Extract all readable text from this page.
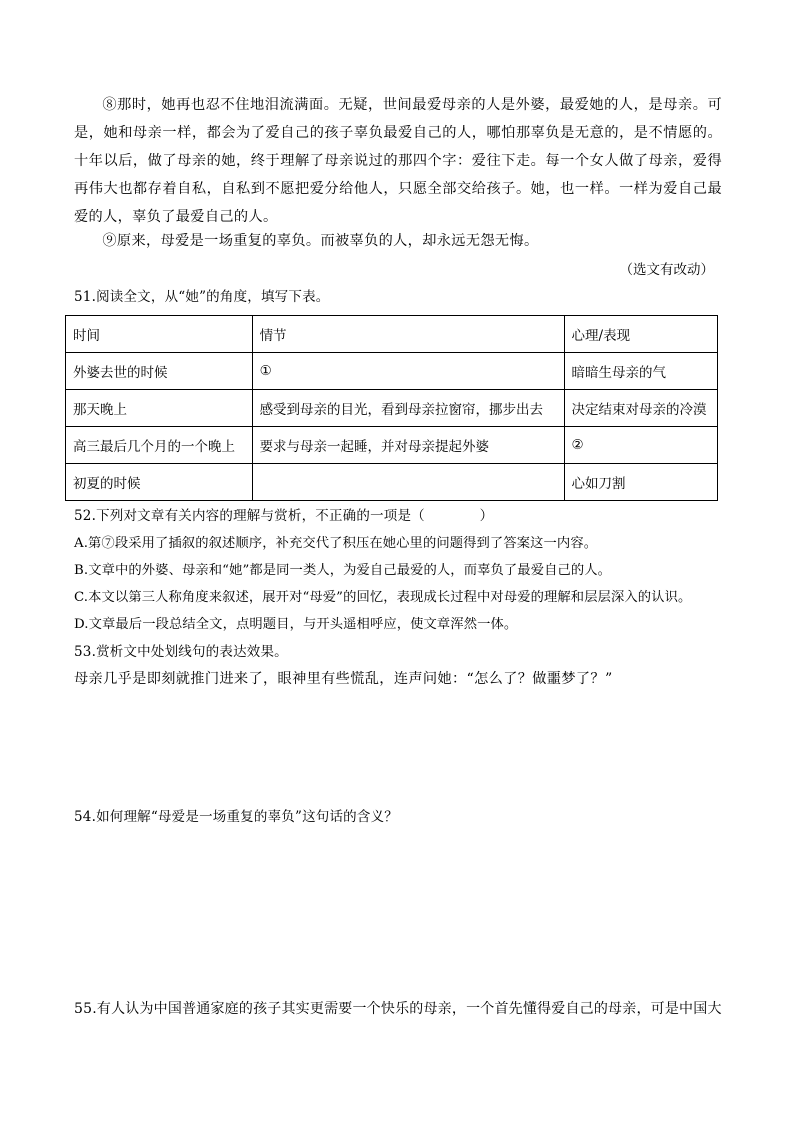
⑧那时，她再也忍不住地泪流满面。无疑，世间最爱母亲的人是外婆，最爱她的人，是母亲。可是，她和母亲一样，都会为了爱自己的孩子辜负最爱自己的人，哪怕那辜负是无意的，是不情愿的。十年以后，做了母亲的她，终于理解了母亲说过的那四个字：爱往下走。每一个女人做了母亲，爱得再伟大也都存着自私，自私到不愿把爱分给他人，只愿全部交给孩子。她，也一样。一样为爱自己最爱的人，辜负了最爱自己的人。

⑨原来，母爱是一场重复的辜负。而被辜负的人，却永远无怨无悔。

（选文有改动）

51.阅读全文，从“她”的角度，填写下表。

时间	情节	心理/表现
外婆去世的时候	①	暗暗生母亲的气
那天晚上	感受到母亲的目光，看到母亲拉窗帘，挪步出去	决定结束对母亲的冷漠
高三最后几个月的一个晚上	要求与母亲一起睡，并对母亲提起外婆	②
初夏的时候		心如刀割

52.下列对文章有关内容的理解与赏析，不正确的一项是（　　　　）

A.第⑦段采用了插叙的叙述顺序，补充交代了积压在她心里的问题得到了答案这一内容。

B.文章中的外婆、母亲和“她”都是同一类人，为爱自己最爱的人，而辜负了最爱自己的人。

C.本文以第三人称角度来叙述，展开对“母爱”的回忆，表现成长过程中对母爱的理解和层层深入的认识。

D.文章最后一段总结全文，点明题目，与开头遥相呼应，使文章浑然一体。

53.赏析文中处划线句的表达效果。

母亲几乎是即刻就推门进来了，眼神里有些慌乱，连声问她：“怎么了？做噩梦了？”

54.如何理解“母爱是一场重复的辜负”这句话的含义？

55.有人认为中国普通家庭的孩子其实更需要一个快乐的母亲，一个首先懂得爱自己的母亲，可是中国大
